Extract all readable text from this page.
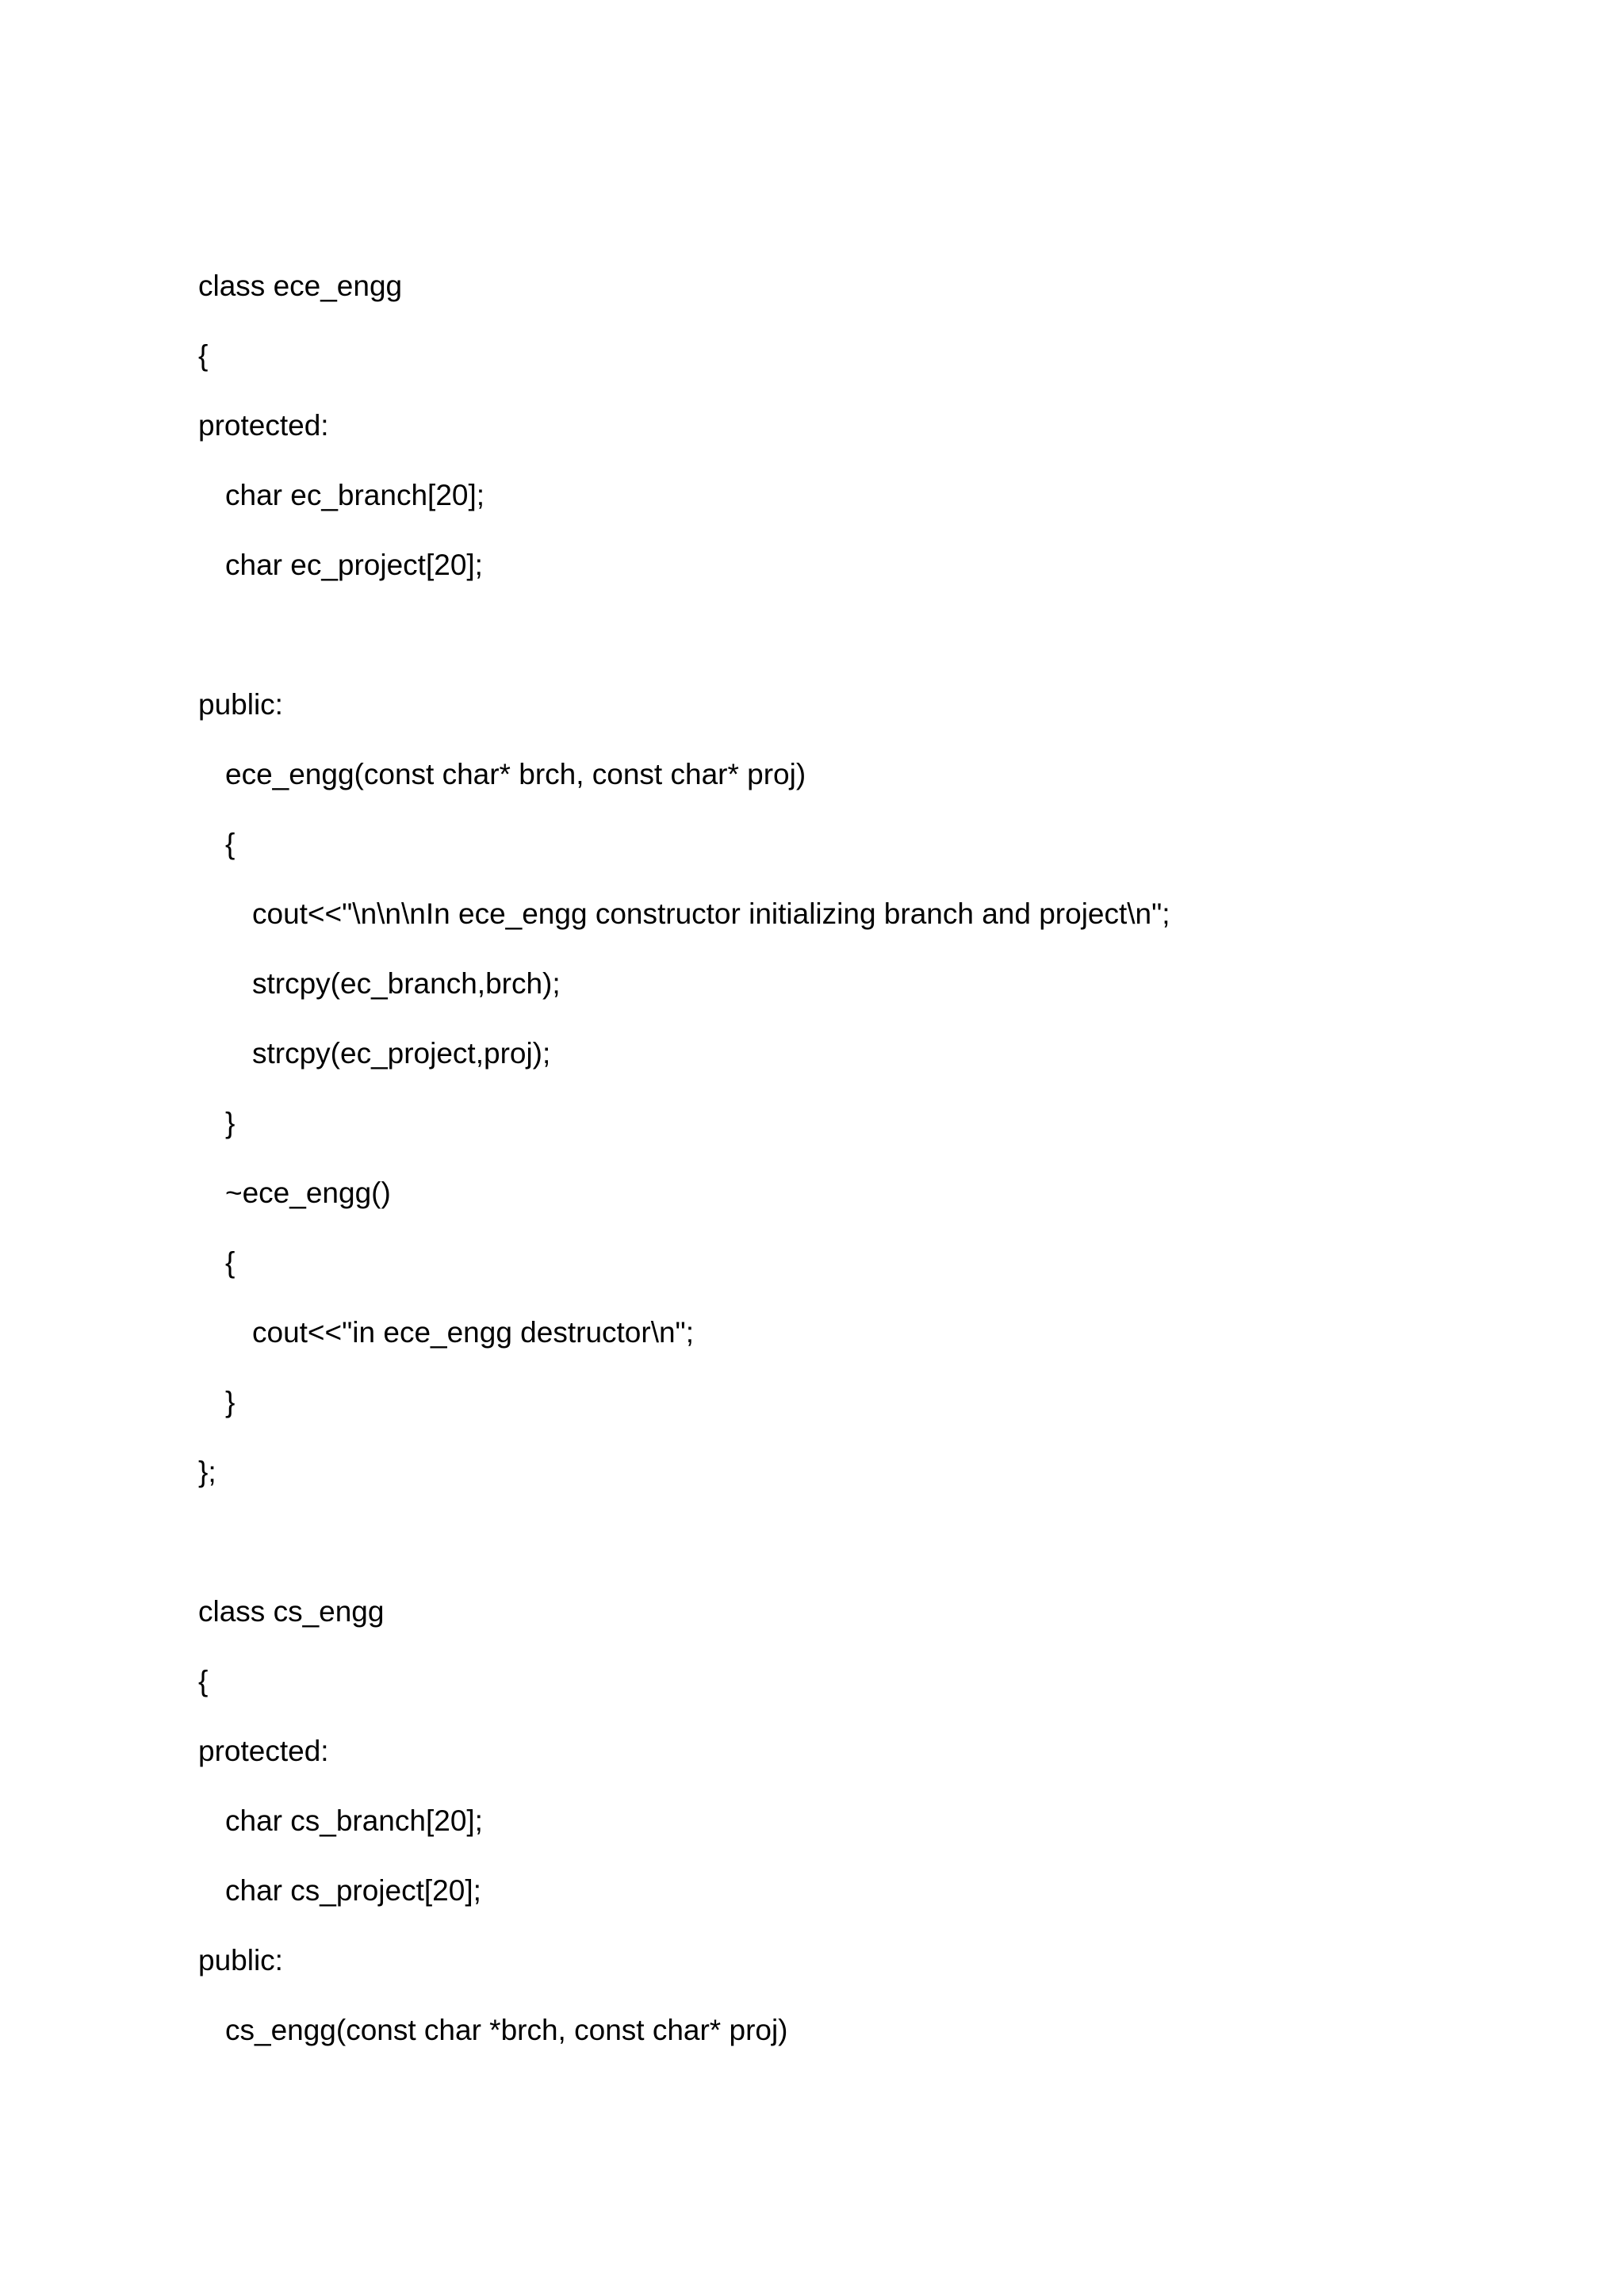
class ece_engg
{
protected:
char ec_branch[20];
char ec_project[20];
public:
ece_engg(const char* brch, const char* proj)
{
cout<<"\n\n\nIn ece_engg constructor initializing branch and project\n";
strcpy(ec_branch,brch);
strcpy(ec_project,proj);
}
~ece_engg()
{
cout<<"in ece_engg destructor\n";
}
};
class cs_engg
{
protected:
char cs_branch[20];
char cs_project[20];
public:
cs_engg(const char *brch, const char* proj)
